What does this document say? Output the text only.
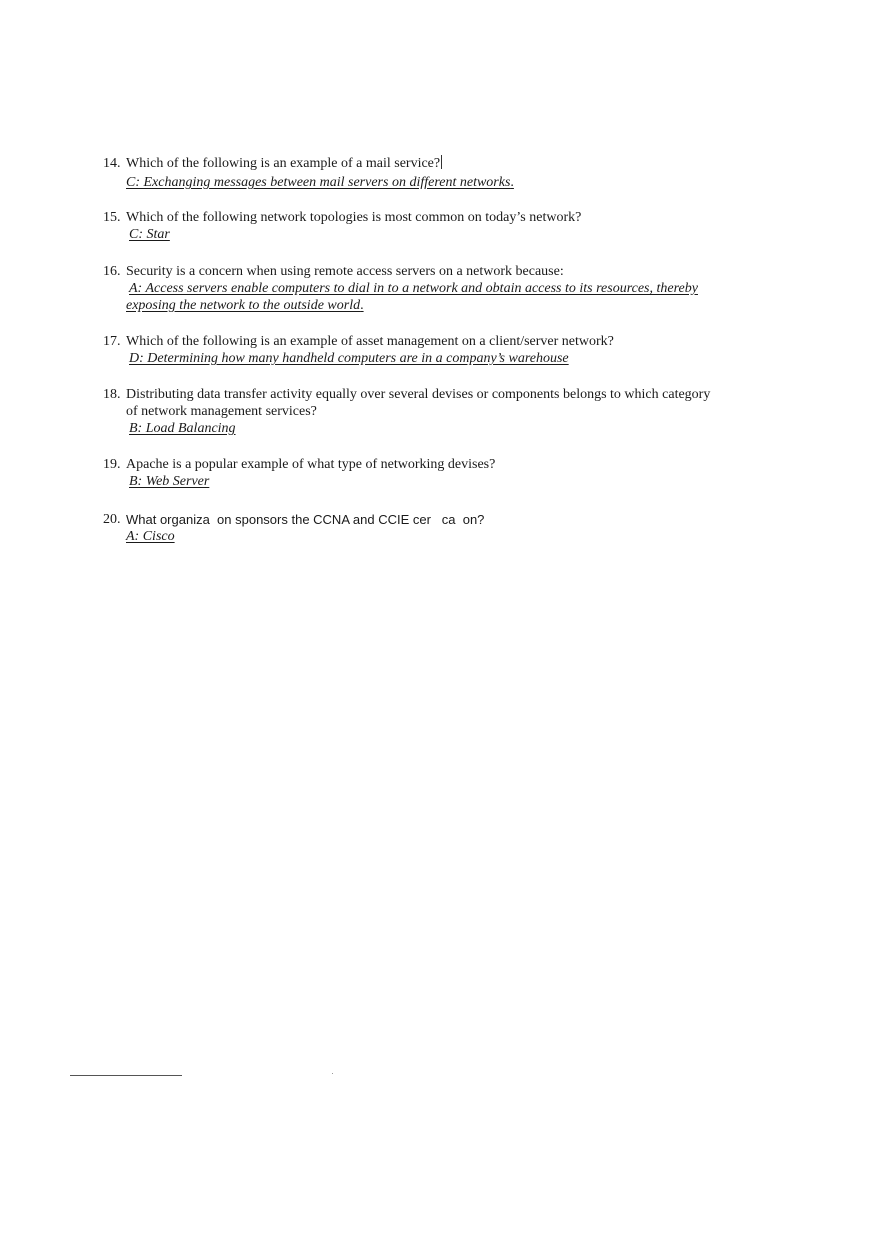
14. Which of the following is an example of a mail service?
C: Exchanging messages between mail servers on different networks.
15. Which of the following network topologies is most common on today’s network?
C: Star
16. Security is a concern when using remote access servers on a network because:
A: Access servers enable computers to dial in to a network and obtain access to its resources, thereby
exposing the network to the outside world.
17. Which of the following is an example of asset management on a client/server network?
D: Determining how many handheld computers are in a company’s warehouse
18. Distributing data transfer activity equally over several devises or components belongs to which category
of network management services?
B: Load Balancing
19. Apache is a popular example of what type of networking devises?
B: Web Server
20. What organiza  on sponsors the CCNA and CCIE cer   ca  on?
A: Cisco
